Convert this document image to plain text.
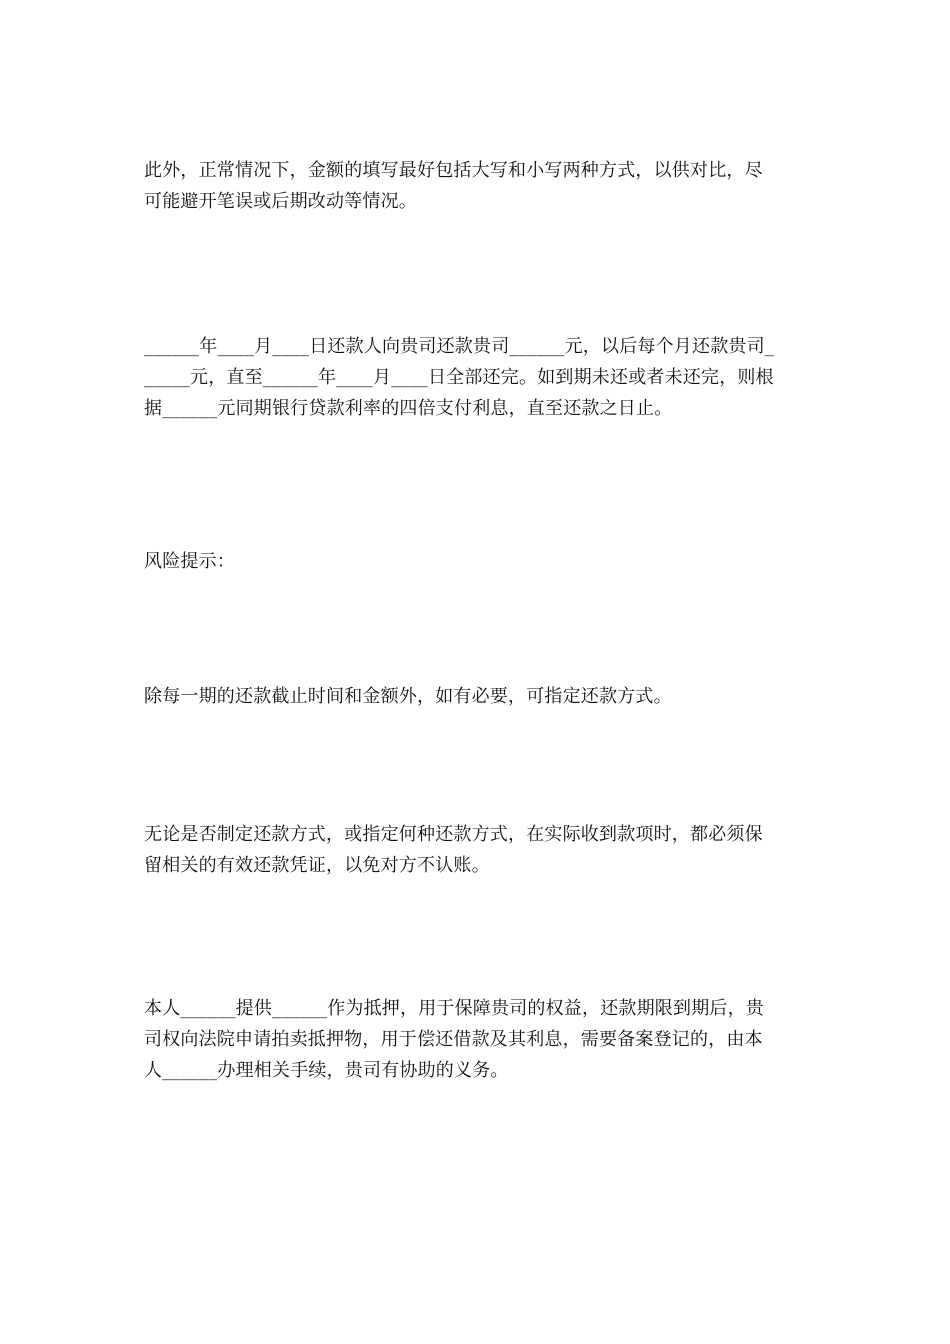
此外，正常情况下，金额的填写最好包括大写和小写两种方式，以供对比，尽
可能避开笔误或后期改动等情况。

______年____月____日还款人向贵司还款贵司______元，以后每个月还款贵司_
_____元，直至______年____月____日全部还完。如到期未还或者未还完，则根
据______元同期银行贷款利率的四倍支付利息，直至还款之日止。

风险提示：

除每一期的还款截止时间和金额外，如有必要，可指定还款方式。

无论是否制定还款方式，或指定何种还款方式，在实际收到款项时，都必须保
留相关的有效还款凭证，以免对方不认账。

本人______提供______作为抵押，用于保障贵司的权益，还款期限到期后，贵
司权向法院申请拍卖抵押物，用于偿还借款及其利息，需要备案登记的，由本
人______办理相关手续，贵司有协助的义务。
